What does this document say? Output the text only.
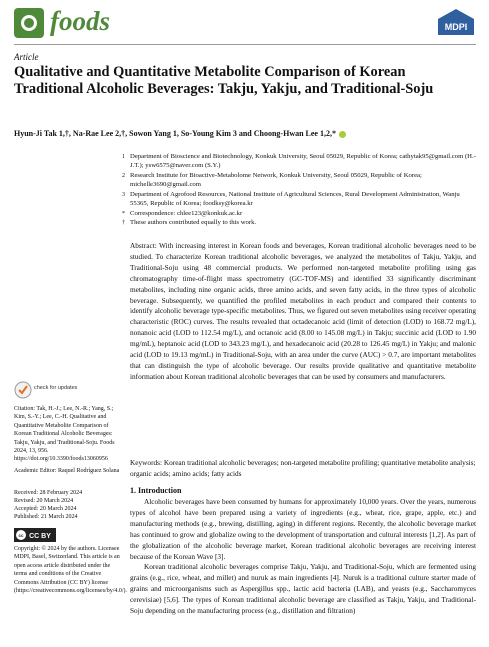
foods	MDPI
Article
Qualitative and Quantitative Metabolite Comparison of Korean Traditional Alcoholic Beverages: Takju, Yakju, and Traditional-Soju
Hyun-Ji Tak 1,†, Na-Rae Lee 2,†, Sowon Yang 1, So-Young Kim 3 and Choong-Hwan Lee 1,2,*
1 Department of Bioscience and Biotechnology, Konkuk University, Seoul 05029, Republic of Korea; cathytak95@gmail.com (H.-J.T.); ysw6575@naver.com (S.Y.)
2 Research Institute for Bioactive-Metabolome Network, Konkuk University, Seoul 05029, Republic of Korea; michelle3690@gmail.com
3 Department of Agrofood Resources, National Institute of Agricultural Sciences, Rural Development Administration, Wanju 55365, Republic of Korea; foodksy@korea.kr
* Correspondence: chlee123@konkuk.ac.kr
† These authors contributed equally to this work.
Abstract: With increasing interest in Korean foods and beverages, Korean traditional alcoholic beverages need to be studied. To characterize Korean traditional alcoholic beverages, we analyzed the metabolites of Takju, Yakju, and Traditional-Soju using 48 commercial products. We performed non-targeted metabolite profiling using gas chromatography time-of-flight mass spectrometry (GC-TOF-MS) and identified 33 significantly discriminant metabolites, including nine organic acids, three amino acids, and seven fatty acids, in the three types of alcoholic beverage. Subsequently, we quantified the profiled metabolites in each product and compared their contents to identify alcoholic beverage type-specific metabolites. Thus, we figured out seven metabolites using receiver operating characteristic (ROC) curves. The results revealed that octadecanoic acid (limit of detection (LOD) to 168.72 mg/L), nonanoic acid (LOD to 112.54 mg/L), and octanoic acid (8.00 to 145.08 mg/L) in Takju; succinic acid (LOD to 1.90 mg/mL), heptanoic acid (LOD to 343.23 mg/L), and hexadecanoic acid (20.28 to 126.45 mg/L) in Yakju; and malonic acid (LOD to 19.13 mg/mL) in Traditional-Soju, with an area under the curve (AUC) > 0.7, are important metabolites that can distinguish the type of alcoholic beverage. Our results provide qualitative and quantitative metabolite information about Korean traditional alcoholic beverages that can be used by consumers and manufacturers.
Keywords: Korean traditional alcoholic beverages; non-targeted metabolite profiling; quantitative metabolite analysis; organic acids; amino acids; fatty acids
1. Introduction

Alcoholic beverages have been consumed by humans for approximately 10,000 years. Over the years, numerous types of alcohol have been prepared using a variety of ingredients (e.g., wheat, rice, grape, apple, etc.) and manufacturing methods (e.g., brewing, distilling, aging) in different regions. Recently, the alcoholic beverage market has continued to grow and globalize owing to the development of transportation and cultural interests [1,2]. As part of the globalization of the alcoholic beverage market, Korean traditional alcoholic beverages are receiving interest because of the Korean Wave [3].

Korean traditional alcoholic beverages comprise Takju, Yakju, and Traditional-Soju, which are fermented using grains (e.g., rice, wheat, and millet) and nuruk as main ingredients [4]. Nuruk is a traditional culture starter made of grains and microorganisms such as Aspergillus spp., lactic acid bacteria (LAB), and yeasts (e.g., Saccharomyces cerevisiae) [5,6]. The types of Korean traditional alcoholic beverage are classified as Takju, Yakju, and Traditional-Soju depending on the manufacturing process (e.g., distillation and filtration)

check for updates
Citation: Tak, H.-J.; Lee, N.-R.; Yang, S.; Kim, S.-Y.; Lee, C.-H. Qualitative and Quantitative Metabolite Comparison of Korean Traditional Alcoholic Beverages: Takju, Yakju, and Traditional-Soju. Foods 2024, 13, 956. https://doi.org/10.3390/foods13060956
Academic Editor: Raquel Rodríguez Solana
Received: 28 February 2024
Revised: 20 March 2024
Accepted: 20 March 2024
Published: 21 March 2024
cc CC BY
Copyright: © 2024 by the authors. Licensee MDPI, Basel, Switzerland. This article is an open access article distributed under the terms and conditions of the Creative Commons Attribution (CC BY) license (https://creativecommons.org/licenses/by/4.0/).
